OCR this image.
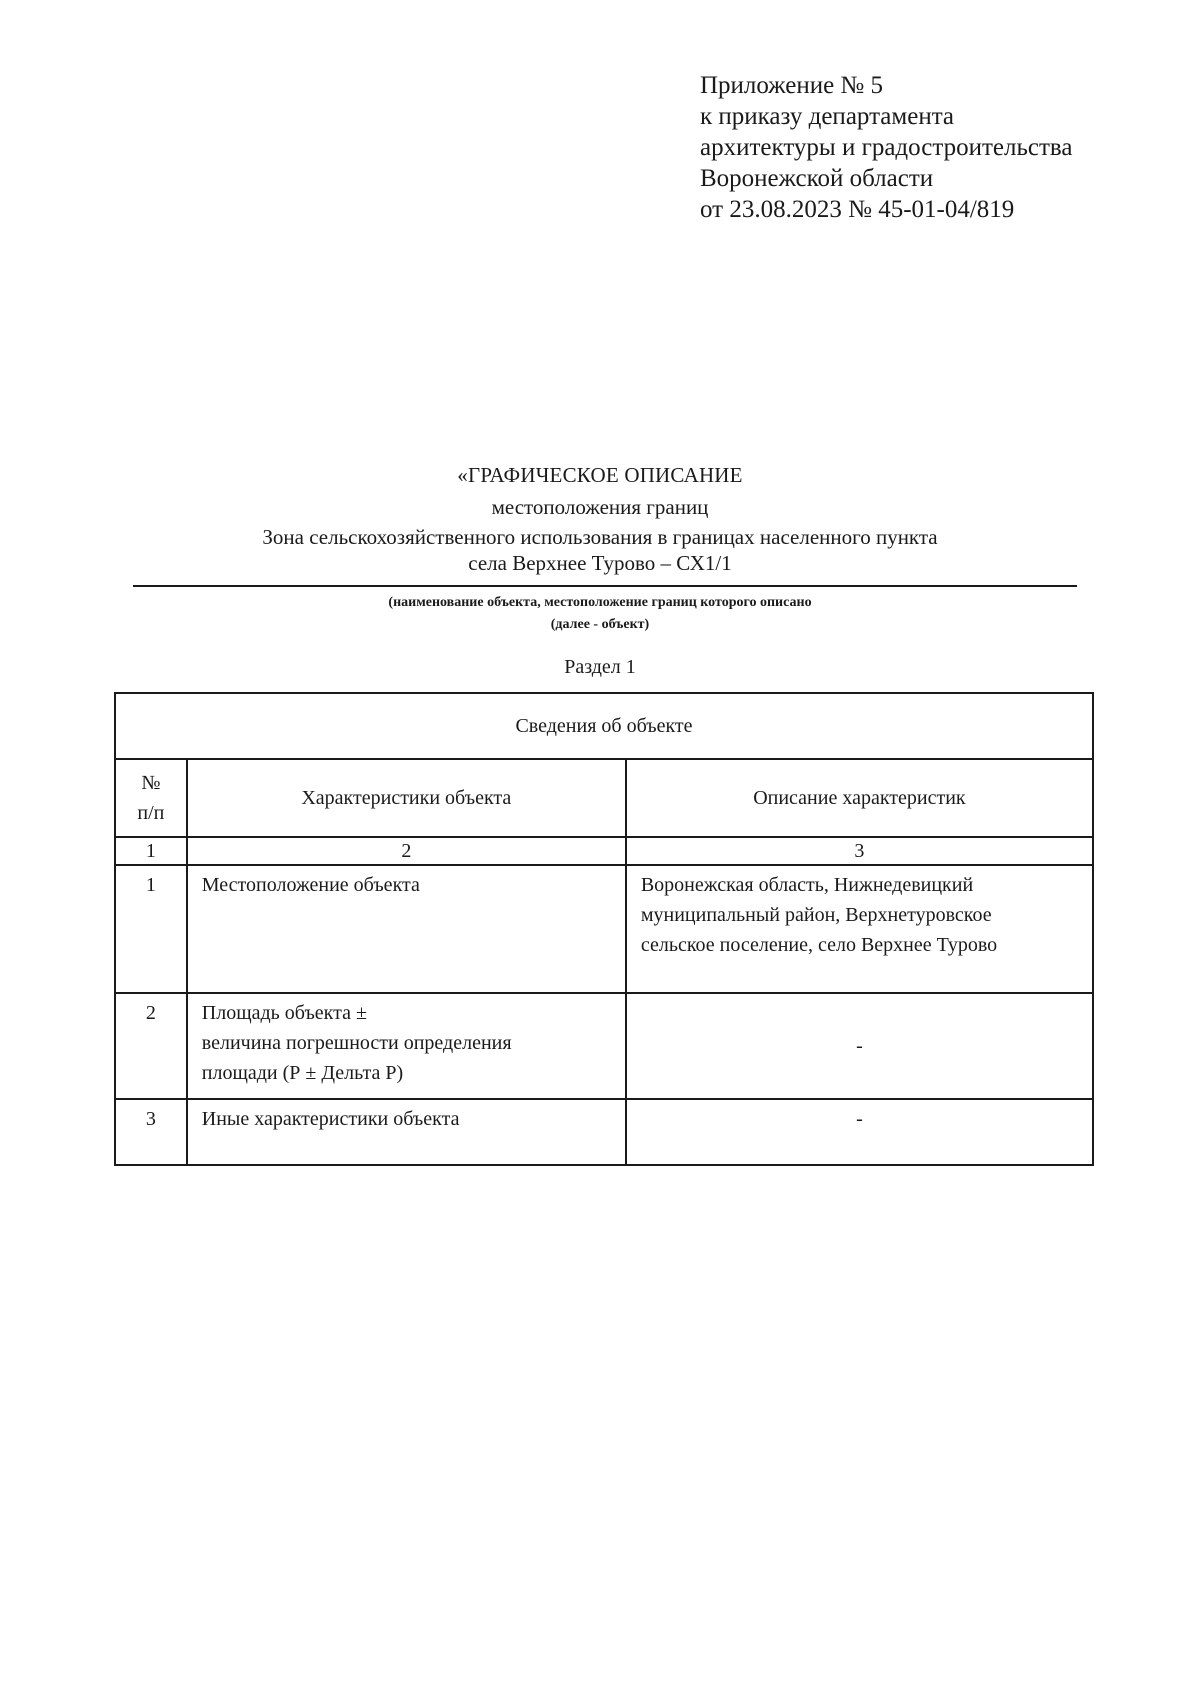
Приложение № 5
к приказу департамента
архитектуры и градостроительства
Воронежской области
от 23.08.2023 № 45-01-04/819
«ГРАФИЧЕСКОЕ ОПИСАНИЕ
местоположения границ
Зона сельскохозяйственного использования в границах населенного пункта
села Верхнее Турово – СХ1/1
(наименование объекта, местоположение границ которого описано
(далее - объект)
Раздел 1
Сведения об объекте		
№
п/п	Характеристики объекта	Описание характеристик
1	2	3
1	Местоположение объекта	Воронежская область, Нижнедевицкий
муниципальный район, Верхнетуровское
сельское поселение, село Верхнее Турово
2	Площадь объекта ±
величина погрешности определения
площади (Р ± Дельта Р)	-
3	Иные характеристики объекта	-
